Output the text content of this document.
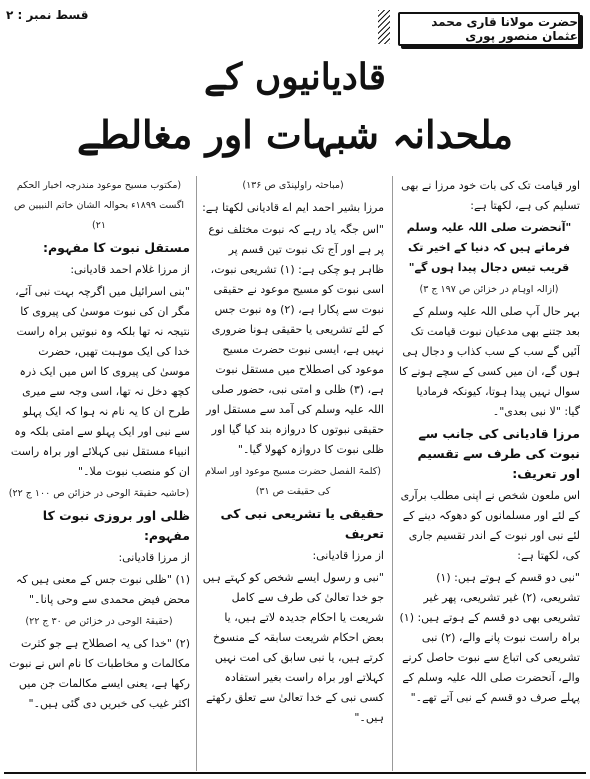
قسط نمبر : ۲	حضرت مولانا قاری محمد عثمان منصور پوری
قادیانیوں کے
ملحدانہ شبہات اور مغالطے

اور قیامت تک کی بات خود مرزا نے بھی تسلیم کی ہے، لکھتا ہے:

"آنحضرت صلی اللہ علیہ وسلم فرماتے ہیں کہ دنیا کے اخیر تک قریب تیس دجال پیدا ہوں گے"

(ازالہ اوہام در خزائن ص ۱۹۷ ج ۳)

بہر حال آپ صلی اللہ علیہ وسلم کے بعد جتنے بھی مدعیان نبوت قیامت تک آئیں گے سب کے سب کذاب و دجال ہی ہوں گے، ان میں کسی کے سچے ہونے کا سوال نہیں پیدا ہوتا، کیونکہ فرمادیا گیا: "لا نبی بعدی"۔

مرزا قادیانی کی جانب سے نبوت کی طرف سے تقسیم اور تعریف:

اس ملعون شخص نے اپنی مطلب برآری کے لئے اور مسلمانوں کو دھوکہ دینے کے لئے نبی اور نبوت کے اندر تقسیم جاری کی، لکھتا ہے:

"نبی دو قسم کے ہوتے ہیں: (۱) تشریعی، (۲) غیر تشریعی، پھر غیر تشریعی بھی دو قسم کے ہوتے ہیں: (۱) براہ راست نبوت پانے والے، (۲) نبی تشریعی کی اتباع سے نبوت حاصل کرنے والے، آنحضرت صلی اللہ علیہ وسلم کے پہلے صرف دو قسم کے نبی آتے تھے۔"

(مباحثہ راولپنڈی ص ۱۳۶)

مرزا بشیر احمد ایم اے قادیانی لکھتا ہے:

"اس جگہ یاد رہے کہ نبوت مختلف نوع پر ہے اور آج تک نبوت تین قسم پر ظاہر ہو چکی ہے: (۱) تشریعی نبوت، اسی نبوت کو مسیح موعود نے حقیقی نبوت سے پکارا ہے، (۲) وہ نبوت جس کے لئے تشریعی یا حقیقی ہونا ضروری نہیں ہے، ایسی نبوت حضرت مسیح موعود کی اصطلاح میں مستقل نبوت ہے، (۳) ظلی و امتی نبی، حضور صلی اللہ علیہ وسلم کی آمد سے مستقل اور حقیقی نبوتوں کا دروازہ بند کیا گیا اور ظلی نبوت کا دروازہ کھولا گیا۔"

(کلمۃ الفصل حضرت مسیح موعود اور اسلام کی حقیقت ص ۳۱)

حقیقی یا تشریعی نبی کی تعریف

از مرزا قادیانی:

"نبی و رسول ایسے شخص کو کہتے ہیں جو خدا تعالیٰ کی طرف سے کامل شریعت یا احکام جدیدہ لاتے ہیں، یا بعض احکام شریعت سابقہ کے منسوخ کرتے ہیں، یا نبی سابق کی امت نہیں کہلاتے اور براہ راست بغیر استفادہ کسی نبی کے خدا تعالیٰ سے تعلق رکھتے ہیں۔"

(مکتوب مسیح موعود مندرجہ اخبار الحکم اگست ۱۸۹۹ء بحوالہ الشان خاتم النبیین ص ۲۱)

مستقل نبوت کا مفہوم:

از مرزا غلام احمد قادیانی:

"بنی اسرائیل میں اگرچہ بہت نبی آئے، مگر ان کی نبوت موسیٰ کی پیروی کا نتیجہ نہ تھا بلکہ وہ نبوتیں براہ راست خدا کی ایک موہبت تھیں، حضرت موسیٰ کی پیروی کا اس میں ایک ذرہ کچھ دخل نہ تھا، اسی وجہ سے میری طرح ان کا یہ نام نہ ہوا کہ ایک پہلو سے نبی اور ایک پہلو سے امتی بلکہ وہ انبیاء مستقل نبی کہلائے اور براہ راست ان کو منصب نبوت ملا۔"

(حاشیہ حقیقۃ الوحی در خزائن ص ۱۰۰ ج ۲۲)

ظلی اور بروزی نبوت کا مفہوم:

از مرزا قادیانی:

(۱) "ظلی نبوت جس کے معنی ہیں کہ محض فیض محمدی سے وحی پانا۔"

(حقیقۃ الوحی در خزائن ص ۳۰ ج ۲۲)

(۲) "خدا کی یہ اصطلاح ہے جو کثرت مکالمات و مخاطبات کا نام اس نے نبوت رکھا ہے، یعنی ایسے مکالمات جن میں اکثر غیب کی خبریں دی گئی ہیں۔"
